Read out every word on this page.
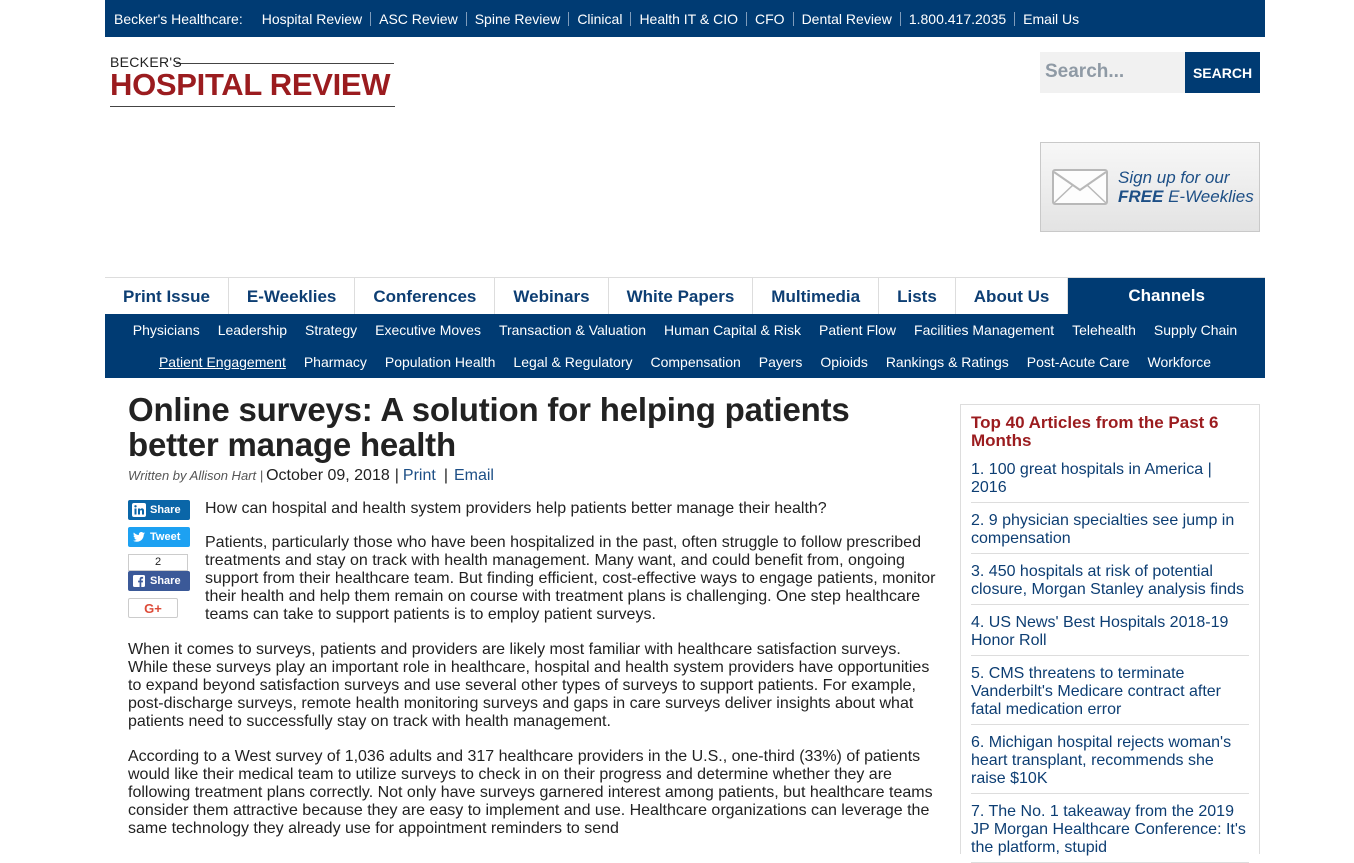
Becker's Healthcare:	Hospital Review	ASC Review	Spine Review	Clinical	Health IT & CIO	CFO	Dental Review	1.800.417.2035	Email Us
BECKER'S
HOSPITAL REVIEW	Search...	SEARCH
Sign up for our
FREE E-Weeklies
Print Issue	E-Weeklies	Conferences	Webinars	White Papers	Multimedia	Lists	About Us	Channels
Physicians	Leadership	Strategy	Executive Moves	Transaction & Valuation	Human Capital & Risk	Patient Flow	Facilities Management	Telehealth	Supply Chain
Patient Engagement	Pharmacy	Population Health	Legal & Regulatory	Compensation	Payers	Opioids	Rankings & Ratings	Post-Acute Care	Workforce
Online surveys: A solution for helping patients better manage health
Written by Allison Hart | October 09, 2018 | Print | Email

How can hospital and health system providers help patients better manage their health?

Patients, particularly those who have been hospitalized in the past, often struggle to follow prescribed treatments and stay on track with health management. Many want, and could benefit from, ongoing support from their healthcare team. But finding efficient, cost-effective ways to engage patients, monitor their health and help them remain on course with treatment plans is challenging. One step healthcare teams can take to support patients is to employ patient surveys.

When it comes to surveys, patients and providers are likely most familiar with healthcare satisfaction surveys. While these surveys play an important role in healthcare, hospital and health system providers have opportunities to expand beyond satisfaction surveys and use several other types of surveys to support patients. For example, post-discharge surveys, remote health monitoring surveys and gaps in care surveys deliver insights about what patients need to successfully stay on track with health management.

According to a West survey of 1,036 adults and 317 healthcare providers in the U.S., one-third (33%) of patients would like their medical team to utilize surveys to check in on their progress and determine whether they are following treatment plans correctly. Not only have surveys garnered interest among patients, but healthcare teams consider them attractive because they are easy to implement and use. Healthcare organizations can leverage the same technology they already use for appointment reminders to send

Share
Tweet
2
Share
G+
Top 40 Articles from the Past 6 Months
1. 100 great hospitals in America | 2016
2. 9 physician specialties see jump in compensation
3. 450 hospitals at risk of potential closure, Morgan Stanley analysis finds
4. US News' Best Hospitals 2018-19 Honor Roll
5. CMS threatens to terminate Vanderbilt's Medicare contract after fatal medication error
6. Michigan hospital rejects woman's heart transplant, recommends she raise $10K
7. The No. 1 takeaway from the 2019 JP Morgan Healthcare Conference: It's the platform, stupid
